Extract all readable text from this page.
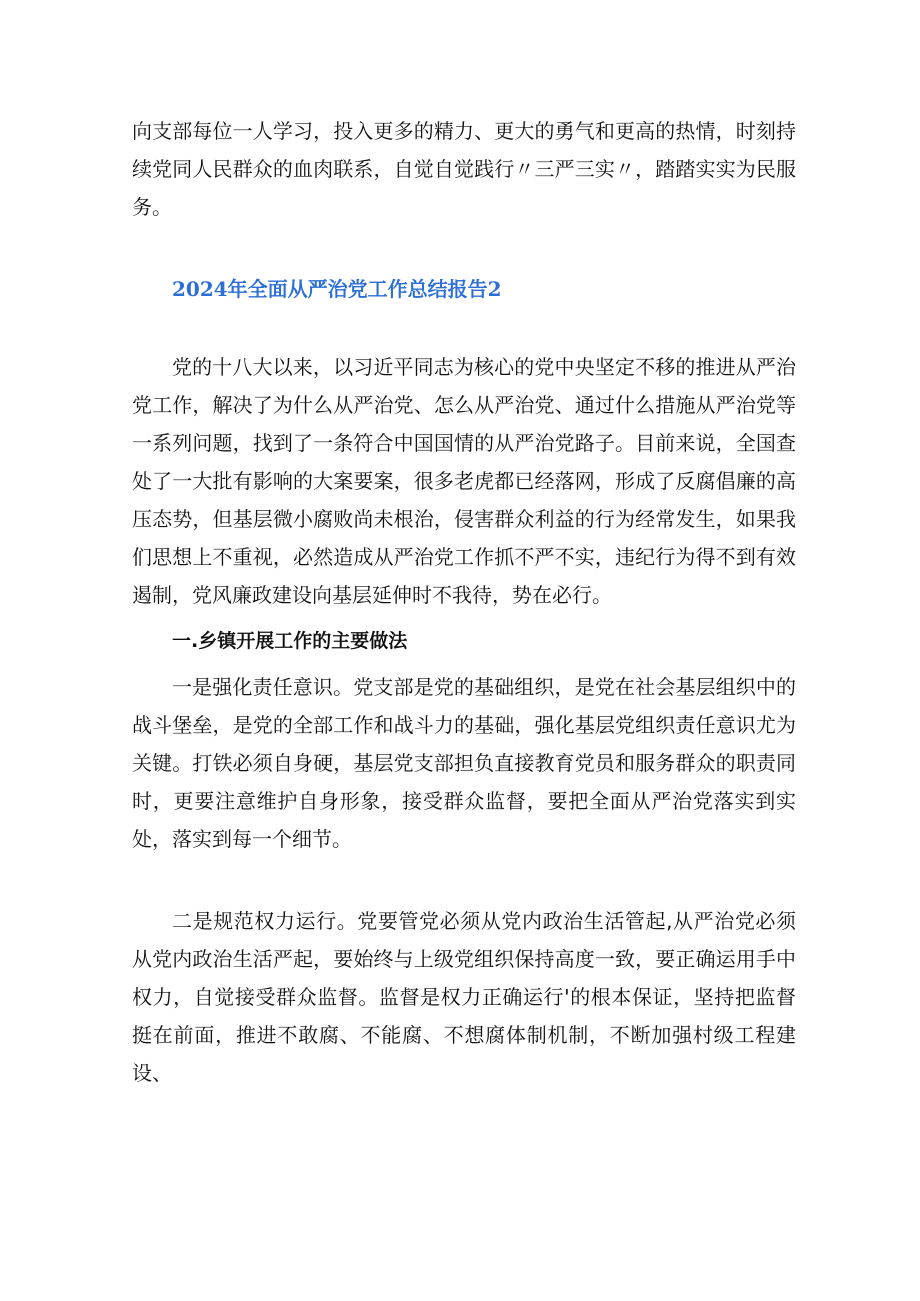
向支部每位一人学习，投入更多的精力、更大的勇气和更高的热情，时刻持续党同人民群众的血肉联系，自觉自觉践行〃三严三实〃，踏踏实实为民服务。

2024年全面从严治党工作总结报告2

党的十八大以来，以习近平同志为核心的党中央坚定不移的推进从严治党工作，解决了为什么从严治党、怎么从严治党、通过什么措施从严治党等一系列问题，找到了一条符合中国国情的从严治党路子。目前来说，全国查处了一大批有影响的大案要案，很多老虎都已经落网，形成了反腐倡廉的高压态势，但基层微小腐败尚未根治，侵害群众利益的行为经常发生，如果我们思想上不重视，必然造成从严治党工作抓不严不实，违纪行为得不到有效遏制，党风廉政建设向基层延伸时不我待，势在必行。

一.乡镇开展工作的主要做法

一是强化责任意识。党支部是党的基础组织，是党在社会基层组织中的战斗堡垒，是党的全部工作和战斗力的基础，强化基层党组织责任意识尤为关键。打铁必须自身硬，基层党支部担负直接教育党员和服务群众的职责同时，更要注意维护自身形象，接受群众监督，要把全面从严治党落实到实处，落实到每一个细节。

二是规范权力运行。党要管党必须从党内政治生活管起,从严治党必须从党内政治生活严起，要始终与上级党组织保持高度一致，要正确运用手中权力，自觉接受群众监督。监督是权力正确运行'的根本保证，坚持把监督挺在前面，推进不敢腐、不能腐、不想腐体制机制，不断加强村级工程建设、
